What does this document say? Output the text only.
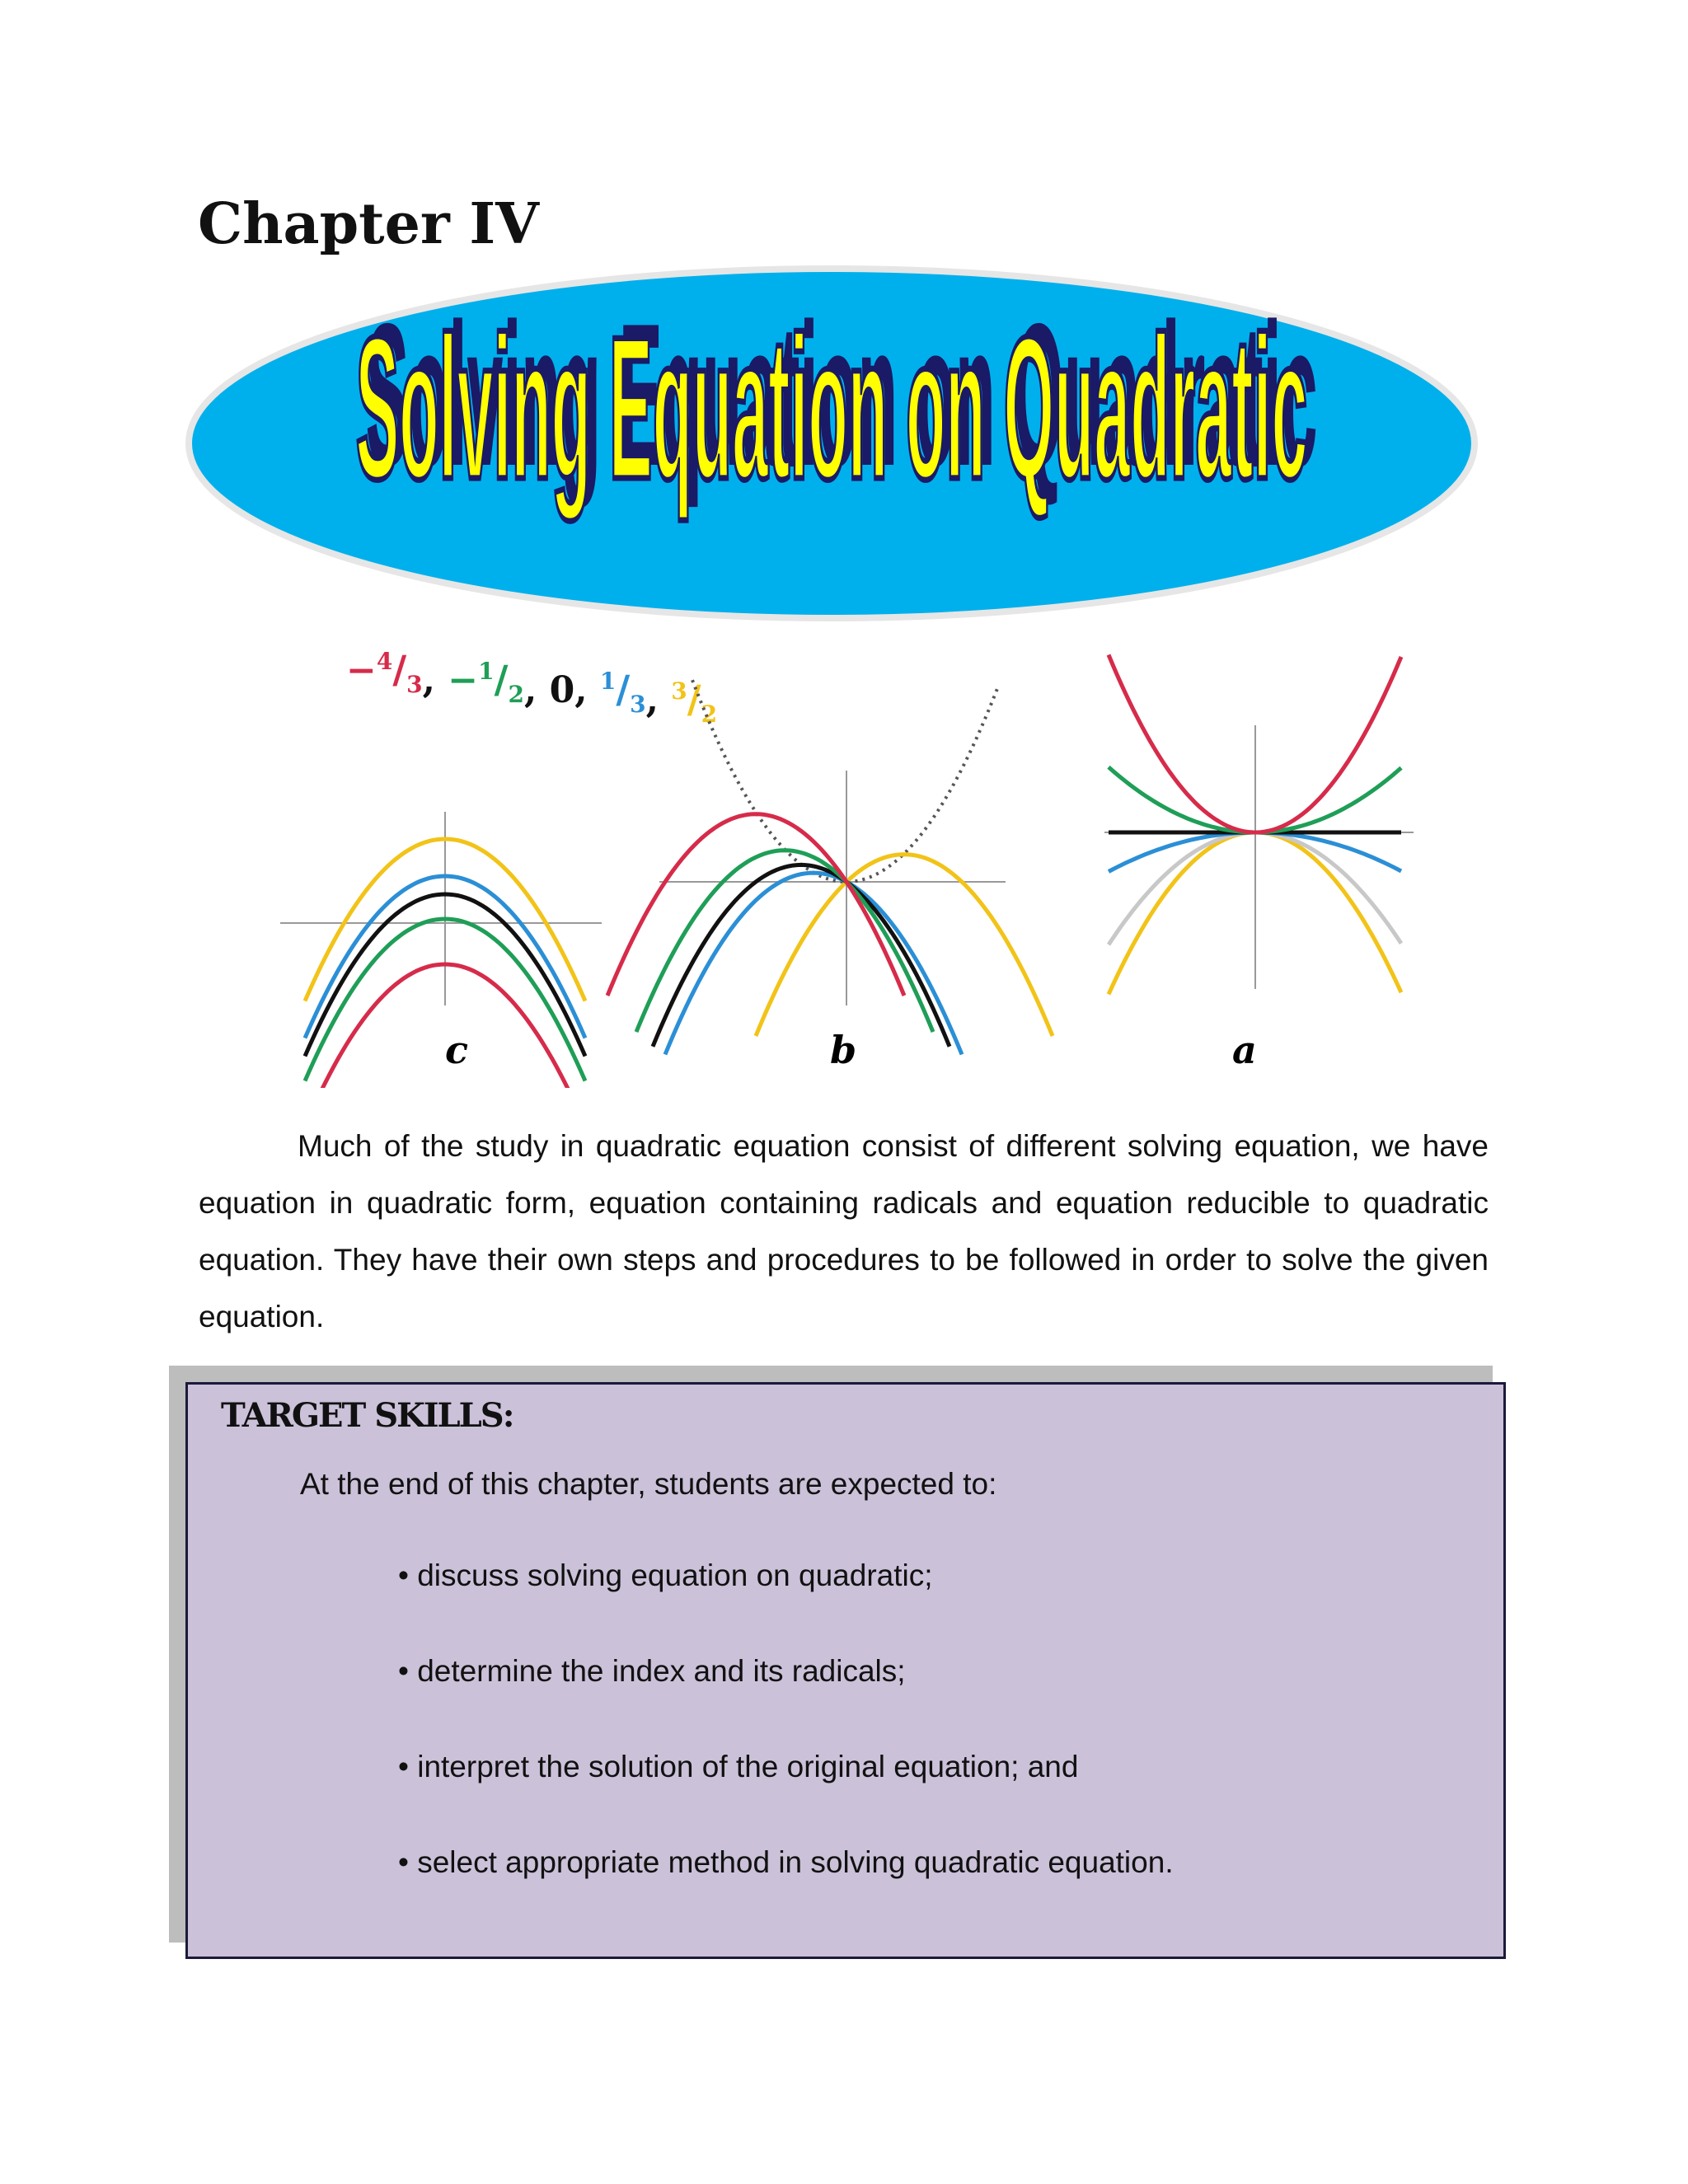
Chapter IV
Solving Equation on Quadratic
Solving Equation on Quadratic
$-^4/_3$, $-^1/_2$, 0, $^1/_3$, $^3/_2$
c	b	a

Much of the study in quadratic equation consist of different solving equation, we have equation in quadratic form, equation containing radicals and equation reducible to quadratic equation. They have their own steps and procedures to be followed in order to solve the given equation.

TARGET SKILLS:

At the end of this chapter, students are expected to:

• discuss solving equation on quadratic;
• determine the index and its radicals;
• interpret the solution of the original equation; and
• select appropriate method in solving quadratic equation.
